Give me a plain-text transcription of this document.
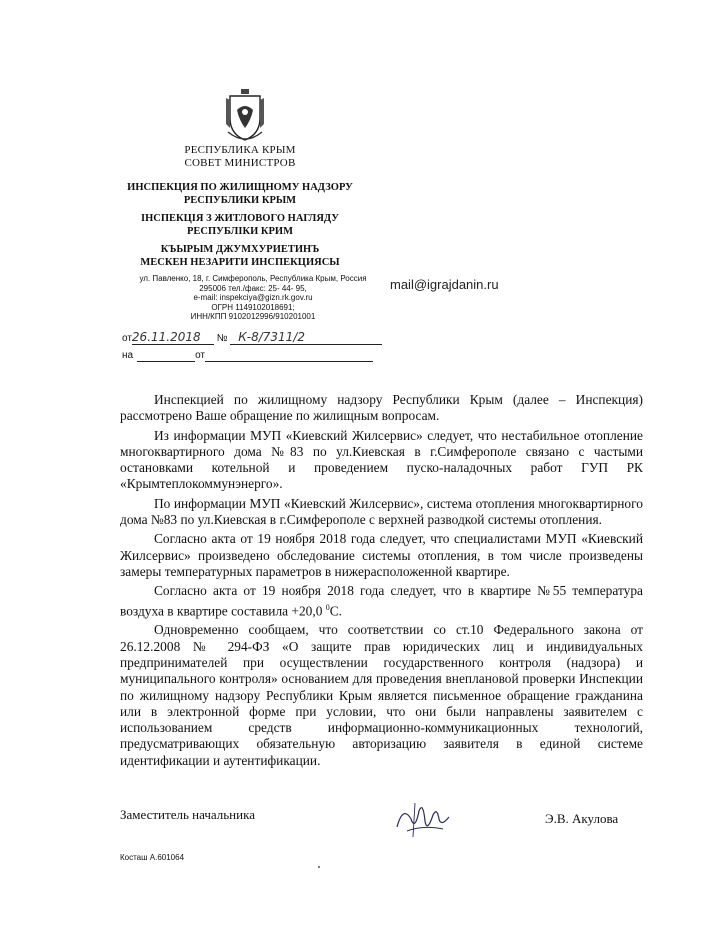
РЕСПУБЛИКА КРЫМ
СОВЕТ МИНИСТРОВ
ИНСПЕКЦИЯ ПО ЖИЛИЩНОМУ НАДЗОРУ
РЕСПУБЛИКИ КРЫМ
ІНСПЕКЦІЯ З ЖИТЛОВОГО НАГЛЯДУ
РЕСПУБЛІКИ КРИМ
КЪЫРЫМ ДЖУМХУРИЕТИНЪ
МЕСКЕН НЕЗАРИТИ ИНСПЕКЦИЯСЫ
ул. Павленко, 18, г. Симферополь, Республика Крым, Россия
295006 тел./факс: 25- 44- 95,
e-mail: inspekciya@gizn.rk.gov.ru
ОГРН 1149102018691;
ИНН/КПП 9102012996/910201001
mail@igrajdanin.ru
от26.11.2018 № К-8/7311/2
на	от

Инспекцией по жилищному надзору Республики Крым (далее – Инспекция) рассмотрено Ваше обращение по жилищным вопросам.

Из информации МУП «Киевский Жилсервис» следует, что нестабильное отопление многоквартирного дома №83 по ул.Киевская в г.Симферополе связано с частыми остановками котельной и проведением пуско-наладочных работ ГУП РК «Крымтеплокоммунэнерго».

По информации МУП «Киевский Жилсервис», система отопления многоквартирного дома №83 по ул.Киевская в г.Симферополе с верхней разводкой системы отопления.

Согласно акта от 19 ноября 2018 года следует, что специалистами МУП «Киевский Жилсервис» произведено обследование системы отопления, в том числе произведены замеры температурных параметров в нижерасположенной квартире.

Согласно акта от 19 ноября 2018 года следует, что в квартире №55 температура воздуха в квартире составила +20,0 $^0$С.

Одновременно сообщаем, что соответствии со ст.10 Федерального закона от 26.12.2008 № 294-ФЗ «О защите прав юридических лиц и индивидуальных предпринимателей при осуществлении государственного контроля (надзора) и муниципального контроля» основанием для проведения внеплановой проверки Инспекции по жилищному надзору Республики Крым является письменное обращение гражданина или в электронной форме при условии, что они были направлены заявителем с использованием средств информационно-коммуникационных технологий, предусматривающих обязательную авторизацию заявителя в единой системе идентификации и аутентификации.

Заместитель начальника	Э.В. Акулова
Косташ А.601064
